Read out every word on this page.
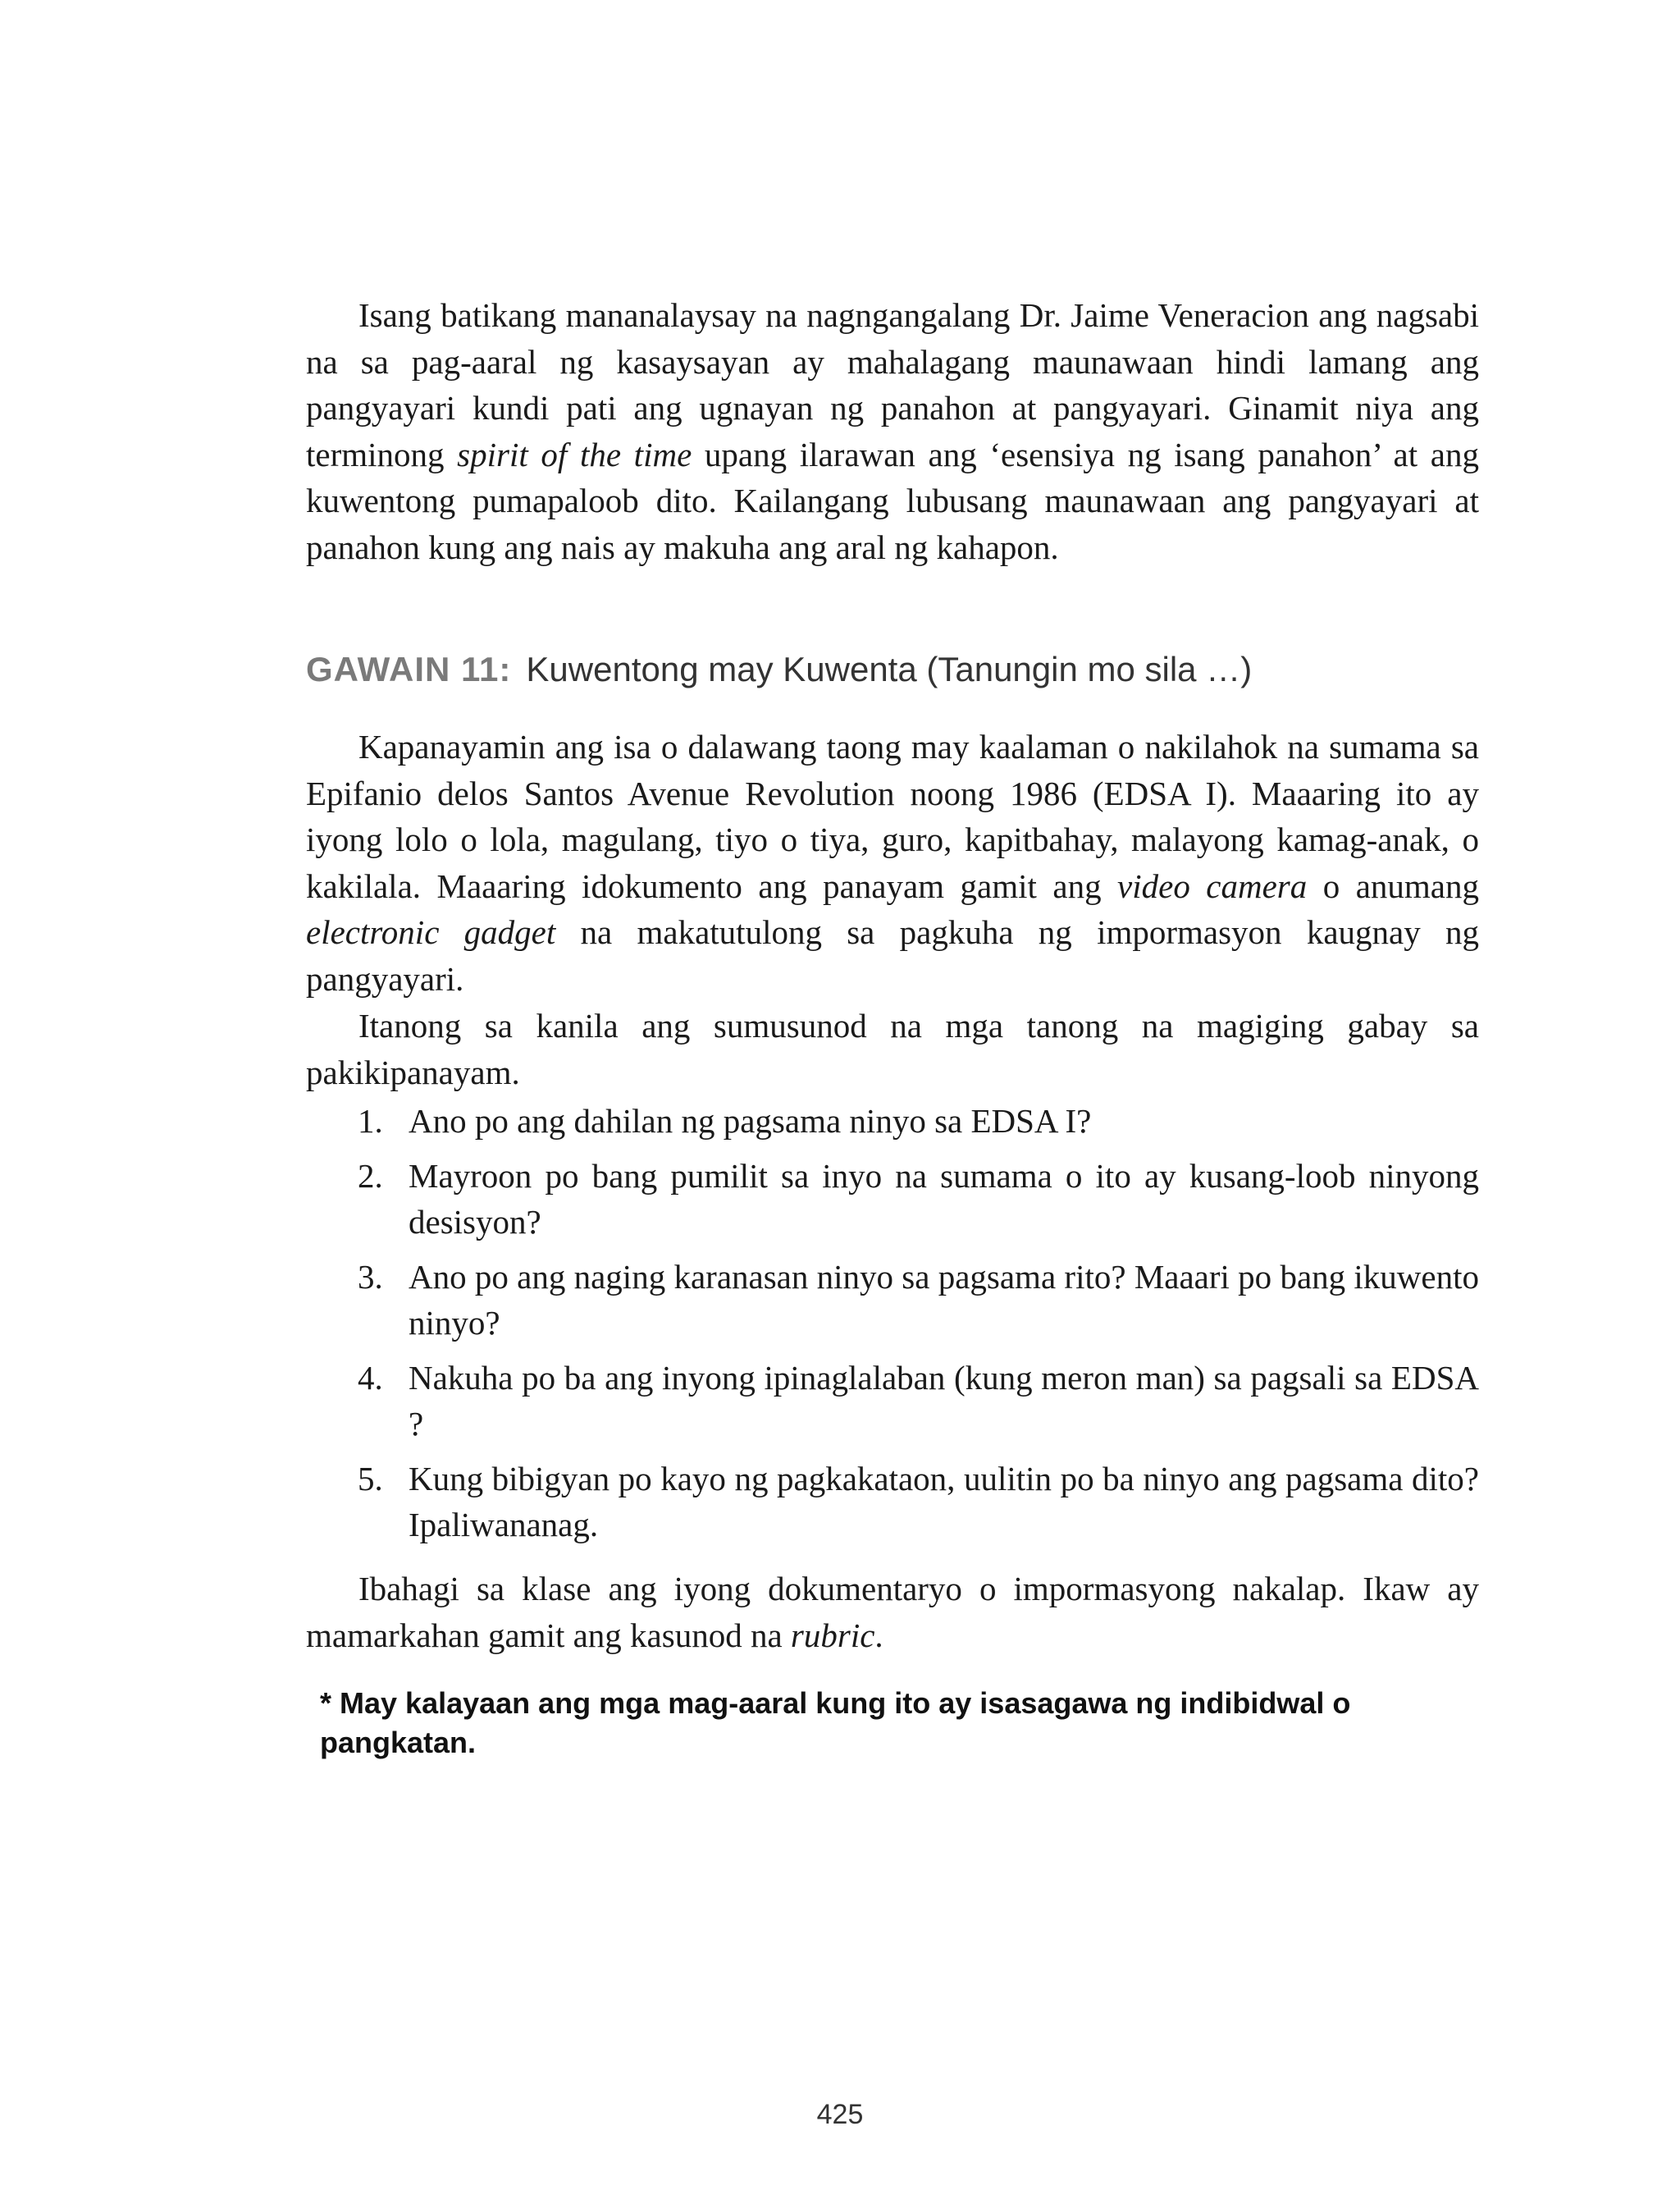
Isang batikang mananalaysay na nagngangalang Dr. Jaime Veneracion ang nagsabi na sa pag-aaral ng kasaysayan ay mahalagang maunawaan hindi lamang ang pangyayari kundi pati ang ugnayan ng panahon at pangyayari. Ginamit niya ang terminong spirit of the time upang ilarawan ang ‘esensiya ng isang panahon’ at ang kuwentong pumapaloob dito. Kailangang lubusang maunawaan ang pangyayari at panahon kung ang nais ay makuha ang aral ng kahapon.

GAWAIN 11: Kuwentong may Kuwenta (Tanungin mo sila …)

Kapanayamin ang isa o dalawang taong may kaalaman o nakilahok na sumama sa Epifanio delos Santos Avenue Revolution noong 1986 (EDSA I). Maaaring ito ay iyong lolo o lola, magulang, tiyo o tiya, guro, kapitbahay, malayong kamag-anak, o kakilala. Maaaring idokumento ang panayam gamit ang video camera o anumang electronic gadget na makatutulong sa pagkuha ng impormasyon kaugnay ng pangyayari.

Itanong sa kanila ang sumusunod na mga tanong na magiging gabay sa pakikipanayam.

1. Ano po ang dahilan ng pagsama ninyo sa EDSA I?
2. Mayroon po bang pumilit sa inyo na sumama o ito ay kusang-loob ninyong desisyon?
3. Ano po ang naging karanasan ninyo sa pagsama rito? Maaari po bang ikuwento ninyo?
4. Nakuha po ba ang inyong ipinaglalaban (kung meron man) sa pagsali sa EDSA ?
5. Kung bibigyan po kayo ng pagkakataon, uulitin po ba ninyo ang pagsama dito? Ipaliwananag.

Ibahagi sa klase ang iyong dokumentaryo o impormasyong nakalap. Ikaw ay mamarkahan gamit ang kasunod na rubric.

* May kalayaan ang mga mag-aaral kung ito ay isasagawa ng indibidwal o pangkatan.

425
